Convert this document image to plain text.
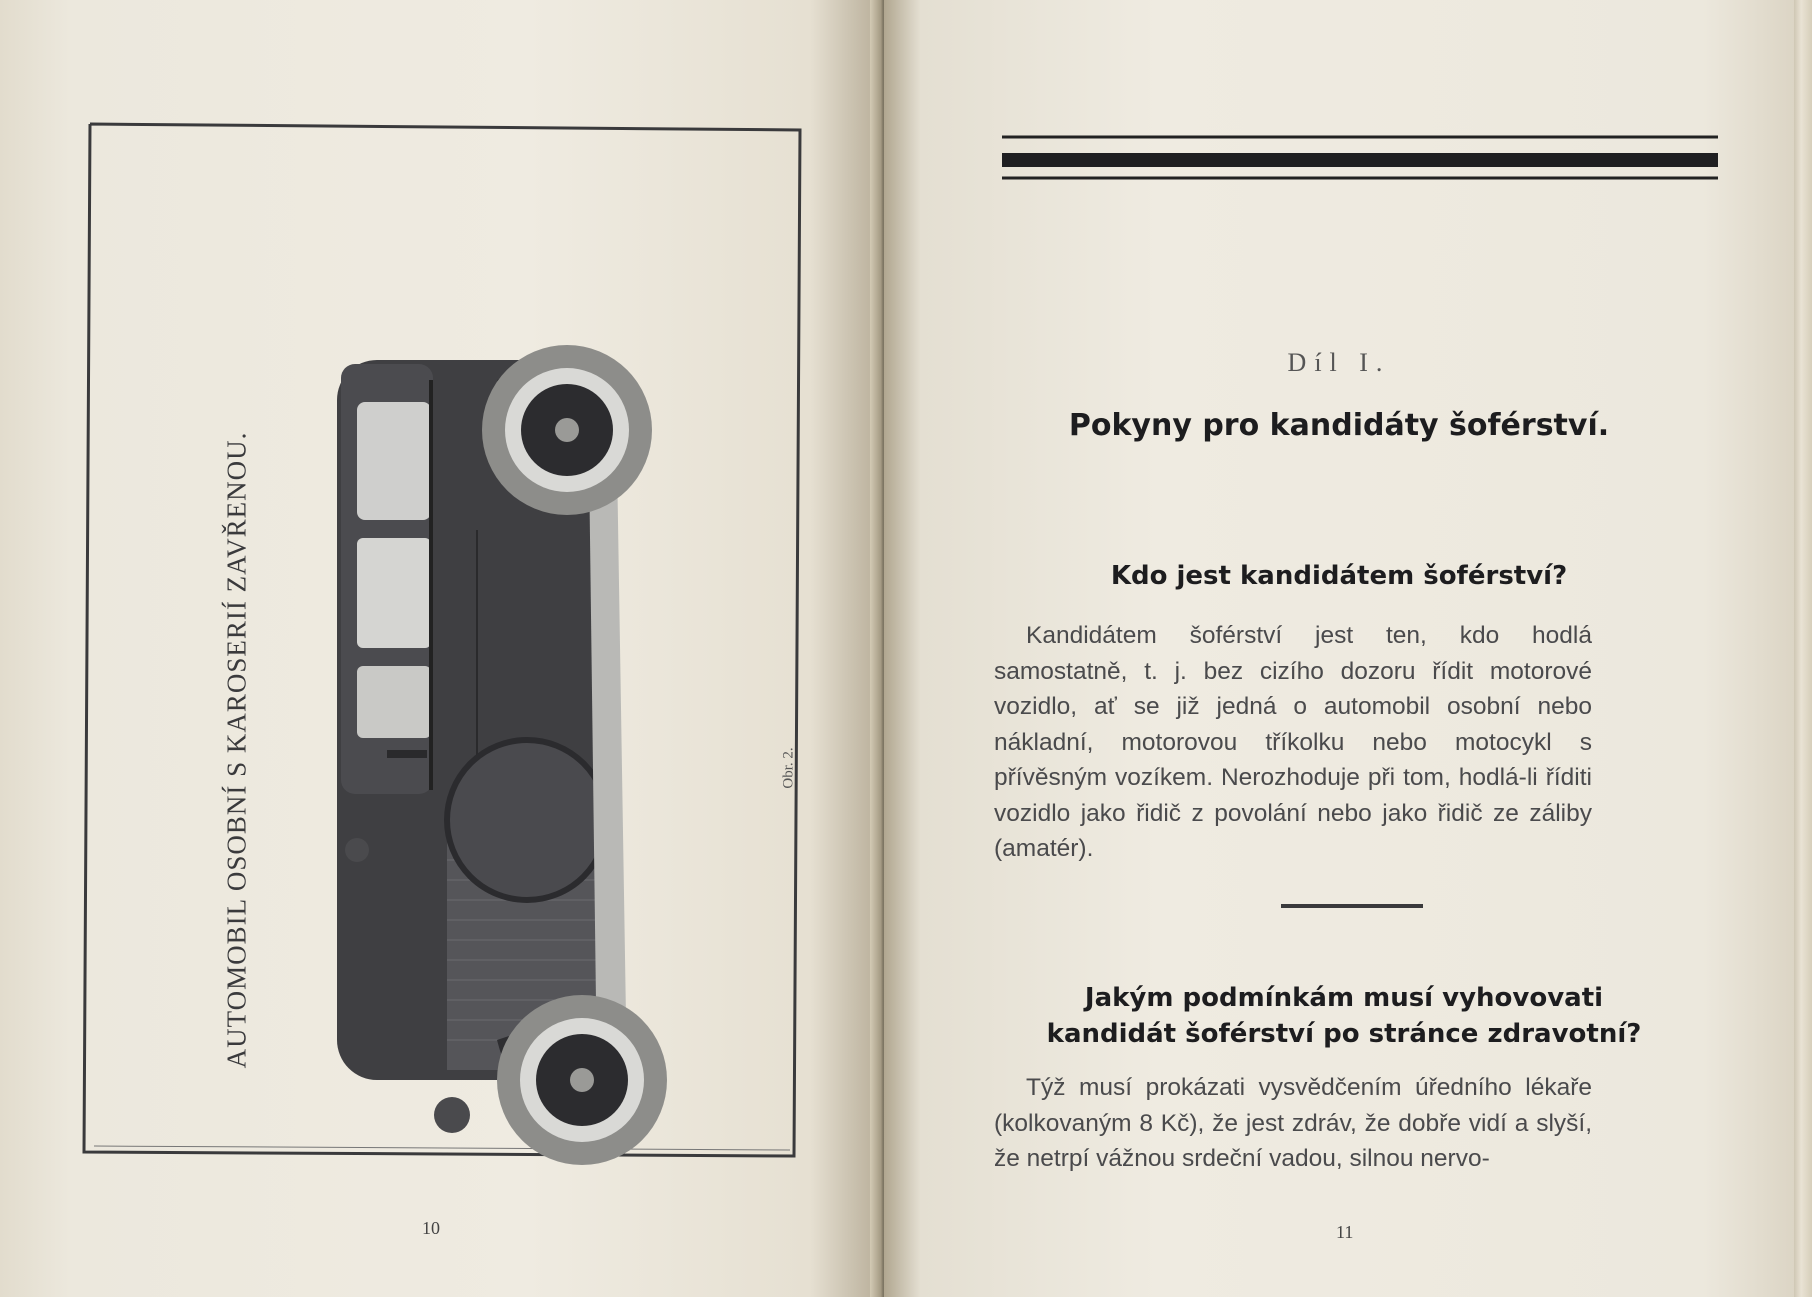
AUTOMOBIL OSOBNÍ S KAROSERIÍ ZAVŘENOU.	Obr. 2.
10
Díl I.
Pokyny pro kandidáty šoférství.
Kdo jest kandidátem šoférství?
Kandidátem šoférství jest ten, kdo hodlá samostatně, t. j. bez cizího dozoru řídit motorové vozidlo, ať se již jedná o automobil osobní nebo nákladní, motorovou tříkolku nebo motocykl s přívěsným vozíkem. Nerozhoduje při tom, hodlá-li říditi vozidlo jako řidič z povolání nebo jako řidič ze záliby (amatér).
Jakým podmínkám musí vyhovovati kandidát šoférství po stránce zdravotní?
Týž musí prokázati vysvědčením úředního lékaře (kolkovaným 8 Kč), že jest zdráv, že dobře vidí a slyší, že netrpí vážnou srdeční vadou, silnou nervo-
11
